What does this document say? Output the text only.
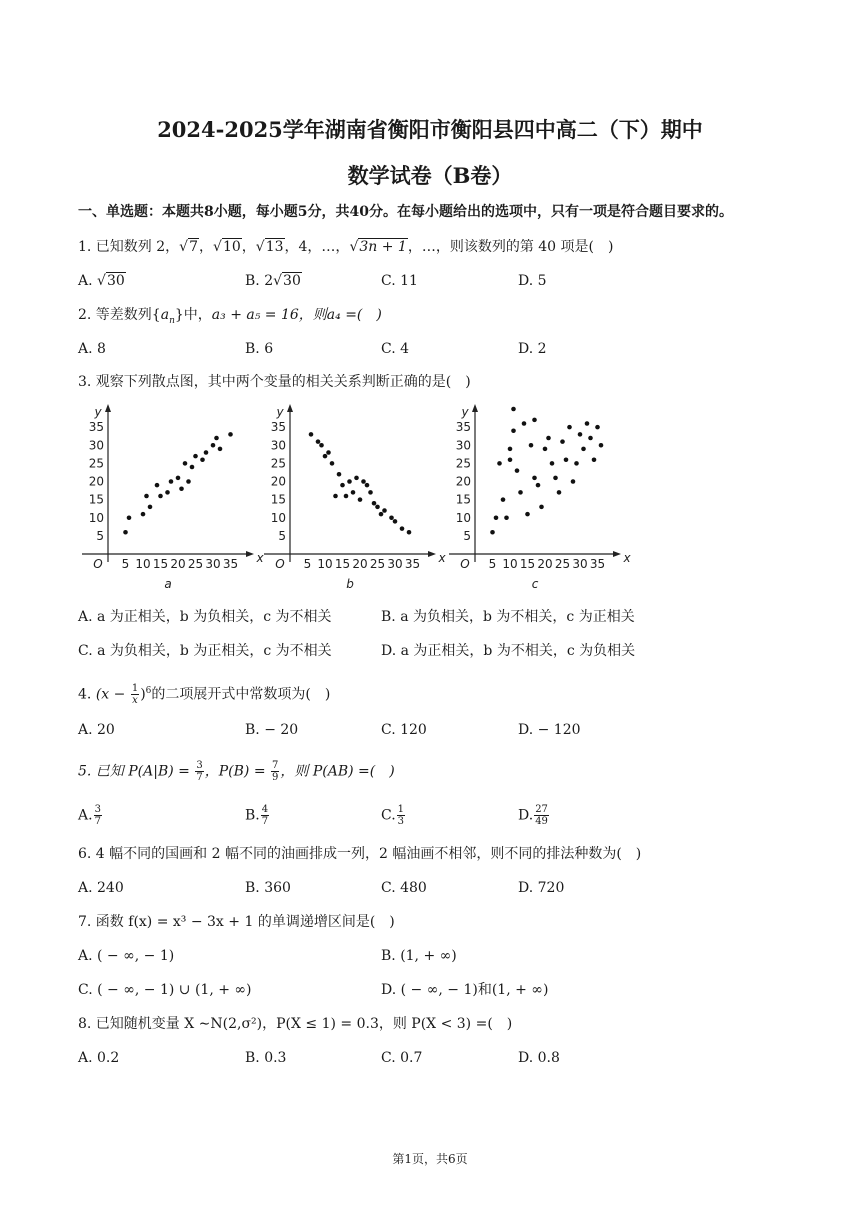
2024-2025学年湖南省衡阳市衡阳县四中高二（下）期中
数学试卷（B卷）
一、单选题：本题共8小题，每小题5分，共40分。在每小题给出的选项中，只有一项是符合题目要求的。
1. 已知数列 2，√7，√10，√13，4，…，√3n + 1，…，则该数列的第 40 项是(　)
A. √30	B. 2√30	C. 11	D. 5
2. 等差数列$\{a_n\}$中，a₃ + a₅ = 16，则a₄ =(　)
A. 8	B. 6	C. 4	D. 2
3. 观察下列散点图，其中两个变量的相关关系判断正确的是(　)
y
x
O
5
10
15
20
25
30
35
5 10 15 20 25 30 35
a
y
x
O
5
10
15
20
25
30
35
5 10 15 20 25 30 35
b
y
x
O
5
10
15
20
25
30
35
5 10 15 20 25 30 35
c
A. a 为正相关，b 为负相关，c 为不相关	B. a 为负相关，b 为不相关，c 为正相关
C. a 为负相关，b 为正相关，c 为不相关	D. a 为正相关，b 为不相关，c 为负相关
4. $(x - \frac{1}{x} )^6$的二项展开式中常数项为(　)
A. 20	B. − 20	C. 120	D. − 120
5. 已知 $P(A|B) = \frac{3}{7}$ ，$P(B) = \frac{7}{9}$ ，则 P(AB) =(　)
A. $\frac{3}{7}$	B. $\frac{4}{7}$	C. $\frac{1}{3}$	D. $\frac{27}{49}$
6. 4 幅不同的国画和 2 幅不同的油画排成一列，2 幅油画不相邻，则不同的排法种数为(　)
A. 240	B. 360	C. 480	D. 720
7. 函数 f(x) = x³ − 3x + 1 的单调递增区间是(　)
A. ( − ∞, − 1)	B. (1, + ∞)
C. ( − ∞, − 1) ∪ (1, + ∞)	D. ( − ∞, − 1)和(1, + ∞)
8. 已知随机变量 X ∼N(2,σ²)，P(X ≤ 1) = 0.3，则 P(X < 3) =(　)
A. 0.2	B. 0.3	C. 0.7	D. 0.8
第1页，共6页
